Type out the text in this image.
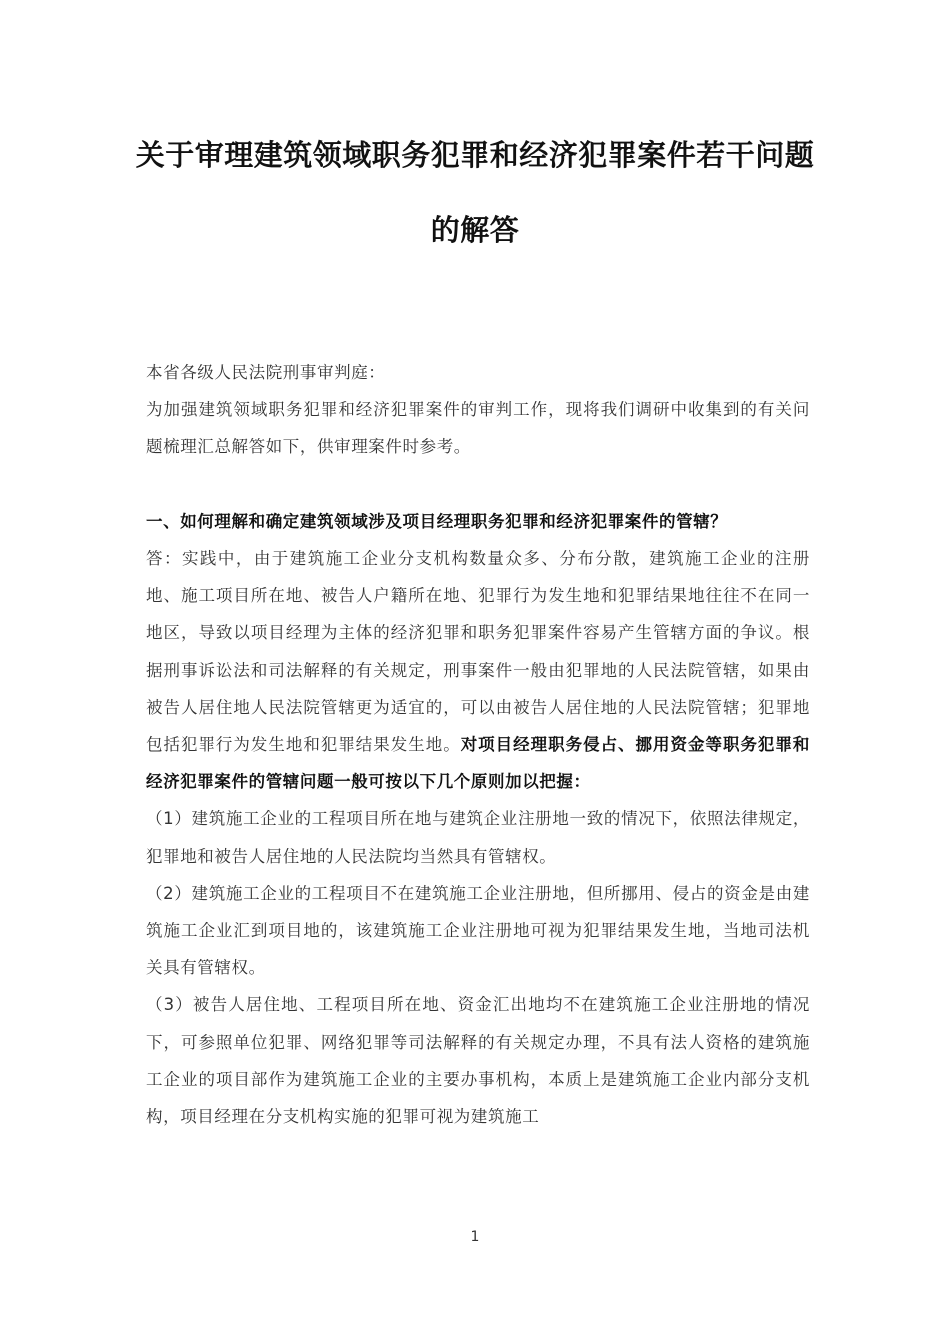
关于审理建筑领域职务犯罪和经济犯罪案件若干问题
的解答

本省各级人民法院刑事审判庭：

为加强建筑领域职务犯罪和经济犯罪案件的审判工作，现将我们调研中收集到的有关问题梳理汇总解答如下，供审理案件时参考。

一、如何理解和确定建筑领域涉及项目经理职务犯罪和经济犯罪案件的管辖？

答：实践中，由于建筑施工企业分支机构数量众多、分布分散，建筑施工企业的注册地、施工项目所在地、被告人户籍所在地、犯罪行为发生地和犯罪结果地往往不在同一地区，导致以项目经理为主体的经济犯罪和职务犯罪案件容易产生管辖方面的争议。根据刑事诉讼法和司法解释的有关规定，刑事案件一般由犯罪地的人民法院管辖，如果由被告人居住地人民法院管辖更为适宜的，可以由被告人居住地的人民法院管辖；犯罪地包括犯罪行为发生地和犯罪结果发生地。对项目经理职务侵占、挪用资金等职务犯罪和经济犯罪案件的管辖问题一般可按以下几个原则加以把握：

（1）建筑施工企业的工程项目所在地与建筑企业注册地一致的情况下，依照法律规定，犯罪地和被告人居住地的人民法院均当然具有管辖权。

（2）建筑施工企业的工程项目不在建筑施工企业注册地，但所挪用、侵占的资金是由建筑施工企业汇到项目地的，该建筑施工企业注册地可视为犯罪结果发生地，当地司法机关具有管辖权。

（3）被告人居住地、工程项目所在地、资金汇出地均不在建筑施工企业注册地的情况下，可参照单位犯罪、网络犯罪等司法解释的有关规定办理，不具有法人资格的建筑施工企业的项目部作为建筑施工企业的主要办事机构，本质上是建筑施工企业内部分支机构，项目经理在分支机构实施的犯罪可视为建筑施工

1
